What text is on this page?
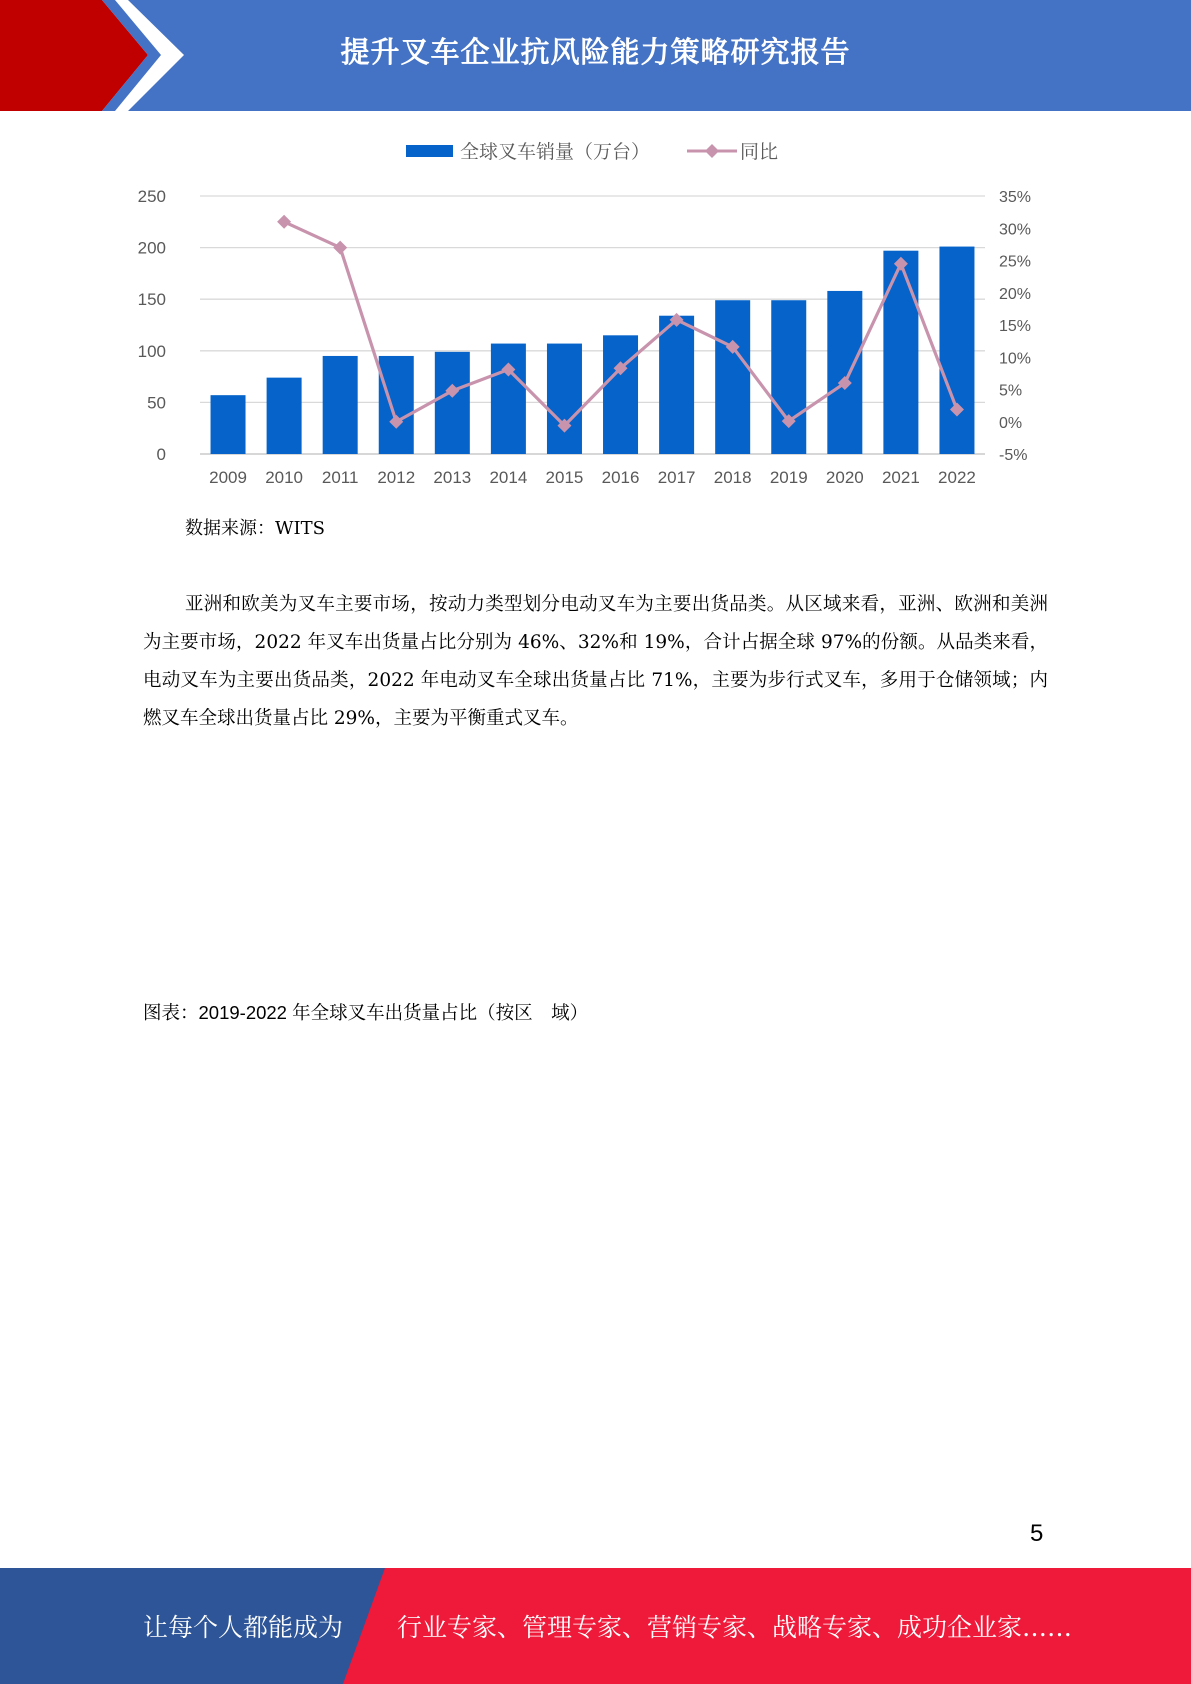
提升叉车企业抗风险能力策略研究报告
0
50
100
150
200
250
-5%
0%
5%
10%
15%
20%
25%
30%
35%
2009 2010 2011 2012 2013 2014 2015 2016 2017 2018 2019 2020 2021 2022
全球叉车销量（万台）	同比
数据来源：WITS

亚洲和欧美为叉车主要市场，按动力类型划分电动叉车为主要出货品类。从区域来看，亚洲、欧洲和美洲为主要市场，2022 年叉车出货量占比分别为 46%、32%和 19%，合计占据全球 97%的份额。从品类来看，电动叉车为主要出货品类，2022 年电动叉车全球出货量占比 71%，主要为步行式叉车，多用于仓储领域；内燃叉车全球出货量占比 29%，主要为平衡重式叉车。

图表：2019-2022 年全球叉车出货量占比（按区　域）
5
让每个人都能成为 行业专家、管理专家、营销专家、战略专家、成功企业家……
